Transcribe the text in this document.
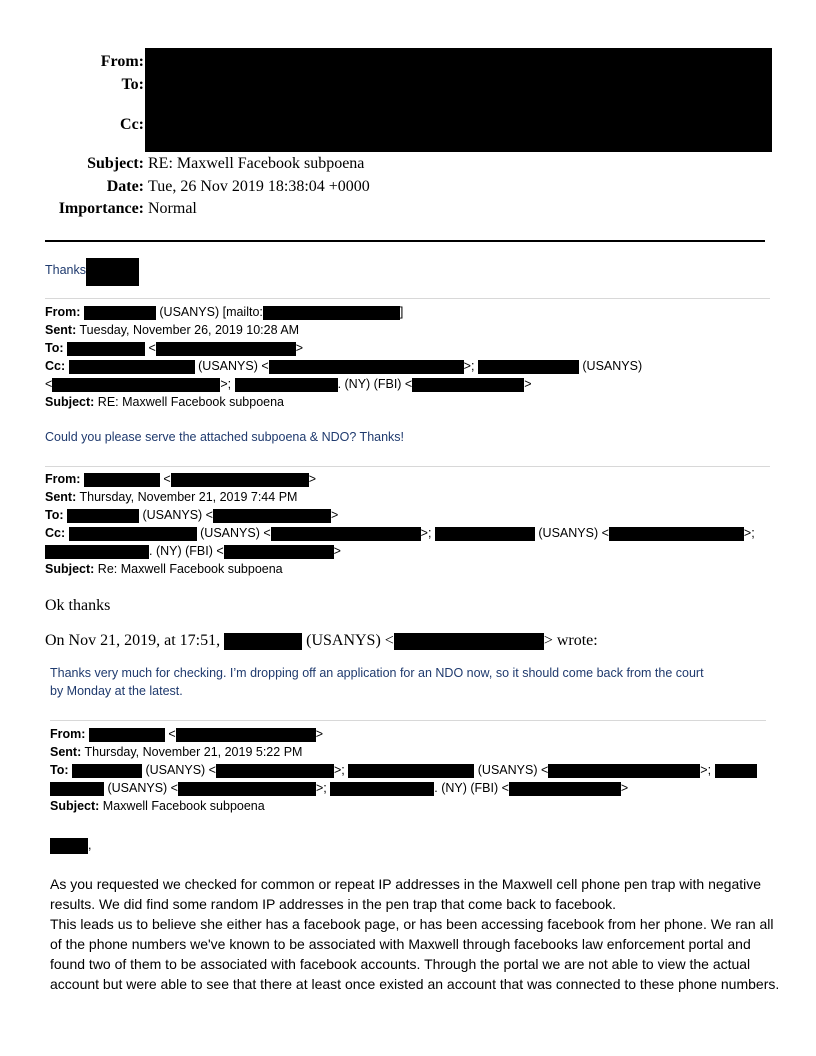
From:
To:
Cc:
Subject: RE: Maxwell Facebook subpoena
Date: Tue, 26 Nov 2019 18:38:04 +0000
Importance: Normal
Thanks
From:	(USANYS) [mailto:	]
Sent: Tuesday, November 26, 2019 10:28 AM
To:	<	>
Cc:	(USANYS) <	>;	(USANYS)
<	>;	. (NY) (FBI) <	>
Subject: RE: Maxwell Facebook subpoena
Could you please serve the attached subpoena & NDO? Thanks!
From:	<	>
Sent: Thursday, November 21, 2019 7:44 PM
To:	(USANYS) <	>
Cc:	(USANYS) <	>;	(USANYS) <	>;
. (NY) (FBI) <	>
Subject: Re: Maxwell Facebook subpoena
Ok thanks
On Nov 21, 2019, at 17:51,	(USANYS) <	> wrote:
Thanks very much for checking. I’m dropping off an application for an NDO now, so it should come back from the court
by Monday at the latest.
From:	<	>
Sent: Thursday, November 21, 2019 5:22 PM
To:	(USANYS) <	>;	(USANYS) <	>;
(USANYS) <	>;	. (NY) (FBI) <	>
Subject: Maxwell Facebook subpoena
,
As you requested we checked for common or repeat IP addresses in the Maxwell cell phone pen trap with negative results. We did find some random IP addresses in the pen trap that come back to facebook.
This leads us to believe she either has a facebook page, or has been accessing facebook from her phone. We ran all of the phone numbers we've known to be associated with Maxwell through facebooks law enforcement portal and found two of them to be associated with facebook accounts. Through the portal we are not able to view the actual account but were able to see that there at least once existed an account that was connected to these phone numbers.
